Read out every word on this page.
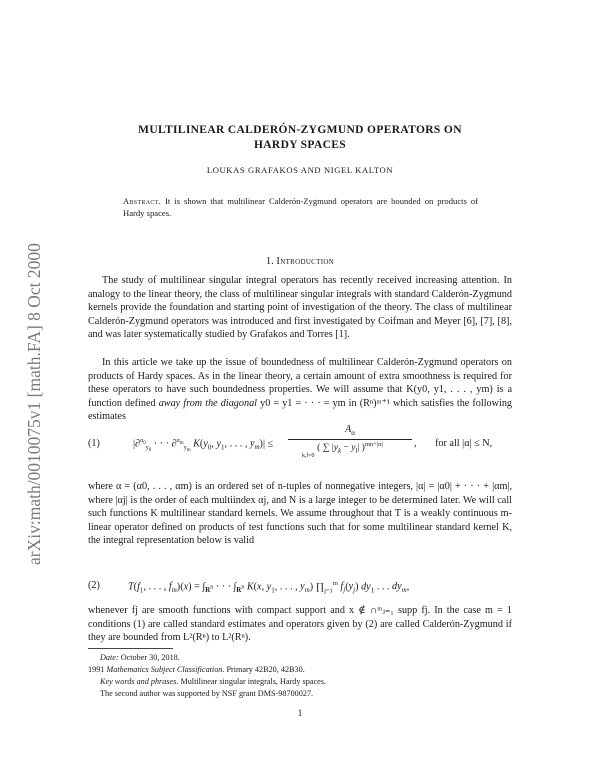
arXiv:math/0010075v1 [math.FA] 8 Oct 2000
MULTILINEAR CALDERÓN-ZYGMUND OPERATORS ON
HARDY SPACES
LOUKAS GRAFAKOS AND NIGEL KALTON
Abstract. It is shown that multilinear Calderón-Zygmund operators are bounded on products of Hardy spaces.
1. Introduction

The study of multilinear singular integral operators has recently received increasing attention. In analogy to the linear theory, the class of multilinear singular integrals with standard Calderón-Zygmund kernels provide the foundation and starting point of investigation of the theory. The class of multilinear Calderón-Zygmund operators was introduced and first investigated by Coifman and Meyer [6], [7], [8], and was later systematically studied by Grafakos and Torres [1].

In this article we take up the issue of boundedness of multilinear Calderón-Zygmund operators on products of Hardy spaces. As in the linear theory, a certain amount of extra smoothness is required for these operators to have such boundedness properties. We will assume that K(y0, y1, . . . , ym) is a function defined away from the diagonal y0 = y1 = · · · = ym in (Rⁿ)ᵐ⁺¹ which satisfies the following estimates

(1)	|∂$^{\alpha_0}_{y_0}$ · · · ∂$^{\alpha_m}_{y_m}$ $K(y_0$, $y_1$, . . . , $y_m)|$ ≤
$A_\alpha$
( ∑ $|y_k - y_l|$ )$^{mn+|\alpha|}$
k,l=0
, for all |α| ≤ N,

where α = (α0, . . . , αm) is an ordered set of n-tuples of nonnegative integers, |α| = |α0| + · · · + |αm|, where |αj| is the order of each multiindex αj, and N is a large integer to be determined later. We will call such functions K multilinear standard kernels. We assume throughout that T is a weakly continuous m-linear operator defined on products of test functions such that for some multilinear standard kernel K, the integral representation below is valid

(2)	$T(f_1$, . . . , $f_m)(x) = \int_{R^n}$ · · · $\int_{R^n}$ K(x, $y_1$, . . . , $y_m$) $\prod_{j=1}^m$ $f_j(y_j)$ $dy_1$ . . . $dy_m$,

whenever fj are smooth functions with compact support and x ∉ ∩ᵐⱼ₌₁ supp fj. In the case m = 1 conditions (1) are called standard estimates and operators given by (2) are called Calderón-Zygmund if they are bounded from L²(Rⁿ) to L²(Rⁿ).

Date: October 30, 2018.
1991 Mathematics Subject Classification. Primary 42B20, 42B30.
Key words and phrases. Multilinear singular integrals, Hardy spaces.
The second author was supported by NSF grant DMS-98700027.
1
